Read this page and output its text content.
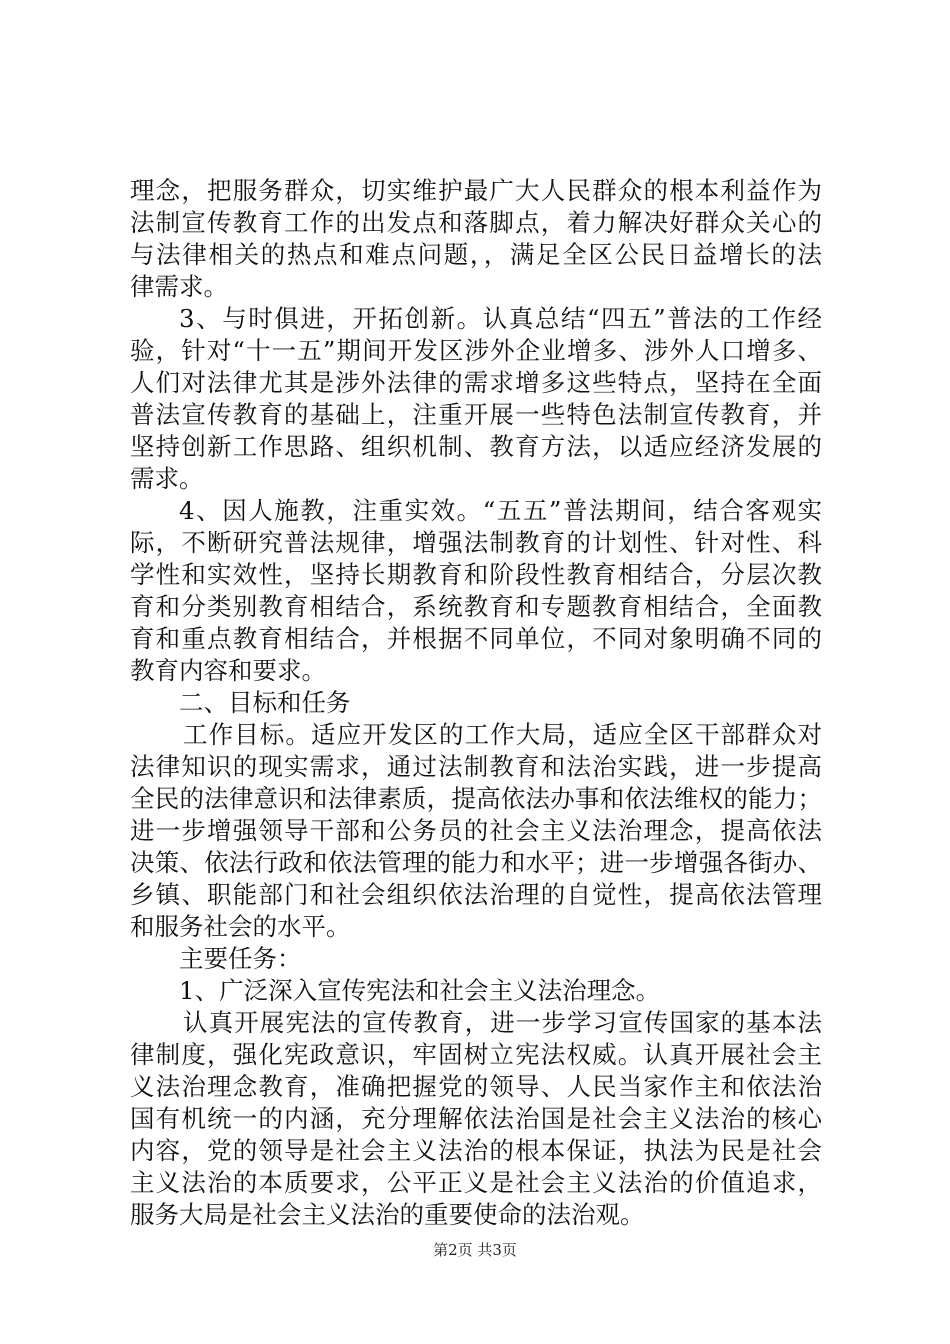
理念，把服务群众，切实维护最广大人民群众的根本利益作为
法制宣传教育工作的出发点和落脚点，着力解决好群众关心的
与法律相关的热点和难点问题，，满足全区公民日益增长的法
律需求。
3、与时俱进，开拓创新。认真总结“四五”普法的工作经
验，针对“十一五”期间开发区涉外企业增多、涉外人口增多、
人们对法律尤其是涉外法律的需求增多这些特点，坚持在全面
普法宣传教育的基础上，注重开展一些特色法制宣传教育，并
坚持创新工作思路、组织机制、教育方法，以适应经济发展的
需求。
4、因人施教，注重实效。“五五”普法期间，结合客观实
际，不断研究普法规律，增强法制教育的计划性、针对性、科
学性和实效性，坚持长期教育和阶段性教育相结合，分层次教
育和分类别教育相结合，系统教育和专题教育相结合，全面教
育和重点教育相结合，并根据不同单位，不同对象明确不同的
教育内容和要求。
二、目标和任务
工作目标。适应开发区的工作大局，适应全区干部群众对
法律知识的现实需求，通过法制教育和法治实践，进一步提高
全民的法律意识和法律素质，提高依法办事和依法维权的能力；
进一步增强领导干部和公务员的社会主义法治理念，提高依法
决策、依法行政和依法管理的能力和水平；进一步增强各街办、
乡镇、职能部门和社会组织依法治理的自觉性，提高依法管理
和服务社会的水平。
主要任务：
1、广泛深入宣传宪法和社会主义法治理念。
认真开展宪法的宣传教育，进一步学习宣传国家的基本法
律制度，强化宪政意识，牢固树立宪法权威。认真开展社会主
义法治理念教育，准确把握党的领导、人民当家作主和依法治
国有机统一的内涵，充分理解依法治国是社会主义法治的核心
内容，党的领导是社会主义法治的根本保证，执法为民是社会
主义法治的本质要求，公平正义是社会主义法治的价值追求，
服务大局是社会主义法治的重要使命的法治观。
第2页 共3页
